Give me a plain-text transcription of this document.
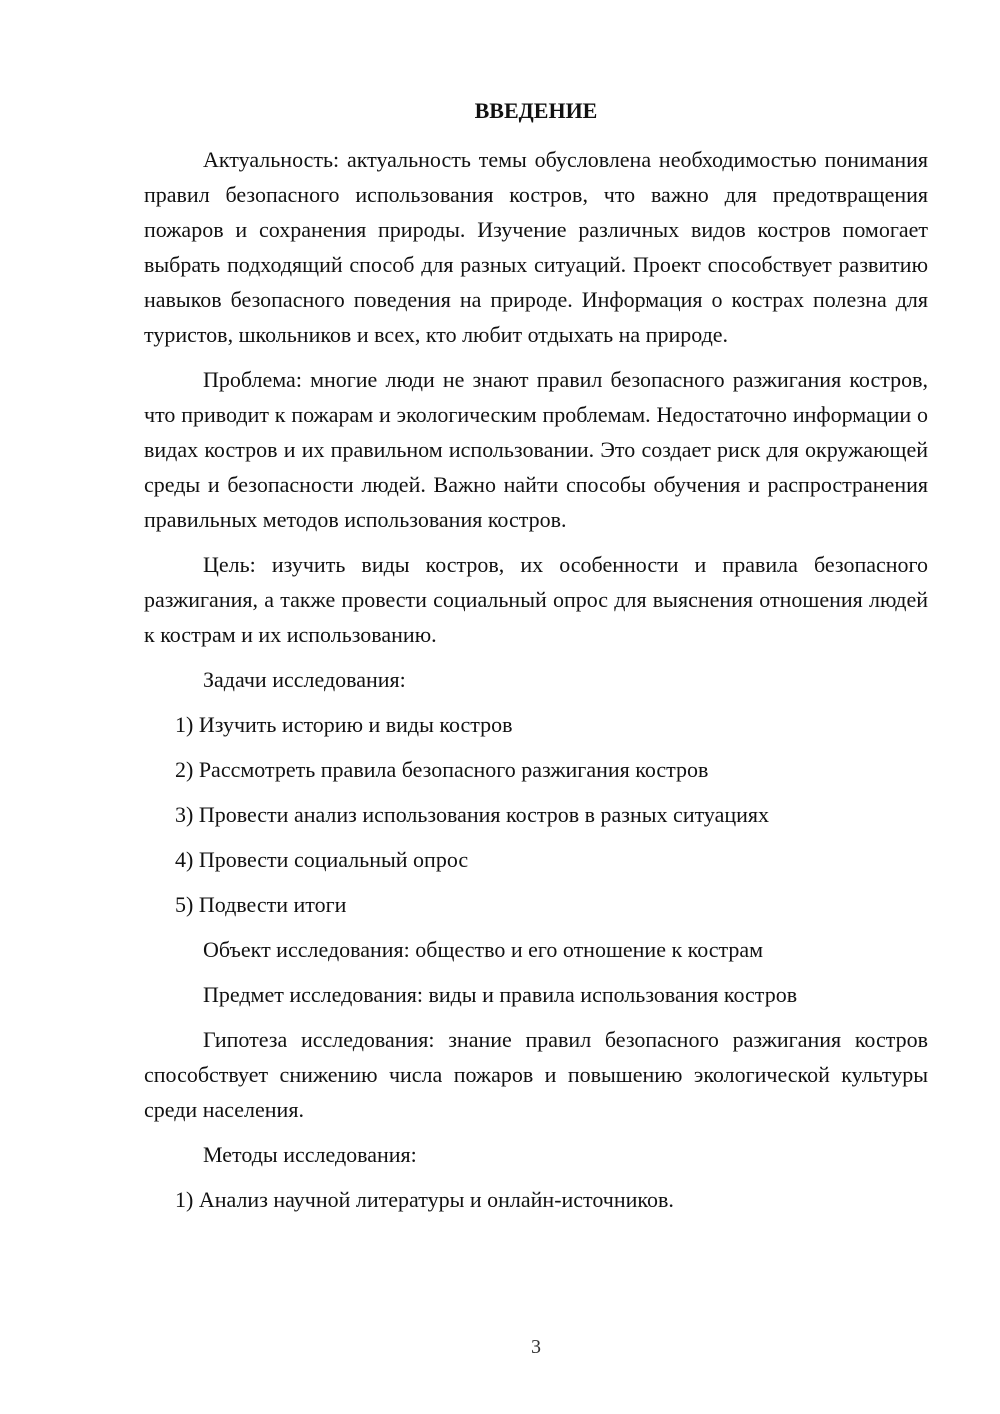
ВВЕДЕНИЕ

Актуальность: актуальность темы обусловлена необходимостью понимания правил безопасного использования костров, что важно для предотвращения пожаров и сохранения природы. Изучение различных видов костров помогает выбрать подходящий способ для разных ситуаций. Проект способствует развитию навыков безопасного поведения на природе. Информация о кострах полезна для туристов, школьников и всех, кто любит отдыхать на природе.

Проблема: многие люди не знают правил безопасного разжигания костров, что приводит к пожарам и экологическим проблемам. Недостаточно информации о видах костров и их правильном использовании. Это создает риск для окружающей среды и безопасности людей. Важно найти способы обучения и распространения правильных методов использования костров.

Цель: изучить виды костров, их особенности и правила безопасного разжигания, а также провести социальный опрос для выяснения отношения людей к кострам и их использованию.

Задачи исследования:

1) Изучить историю и виды костров

2) Рассмотреть правила безопасного разжигания костров

3) Провести анализ использования костров в разных ситуациях

4) Провести социальный опрос

5) Подвести итоги

Объект исследования: общество и его отношение к кострам

Предмет исследования: виды и правила использования костров

Гипотеза исследования: знание правил безопасного разжигания костров способствует снижению числа пожаров и повышению экологической культуры среди населения.

Методы исследования:

1) Анализ научной литературы и онлайн-источников.

3
